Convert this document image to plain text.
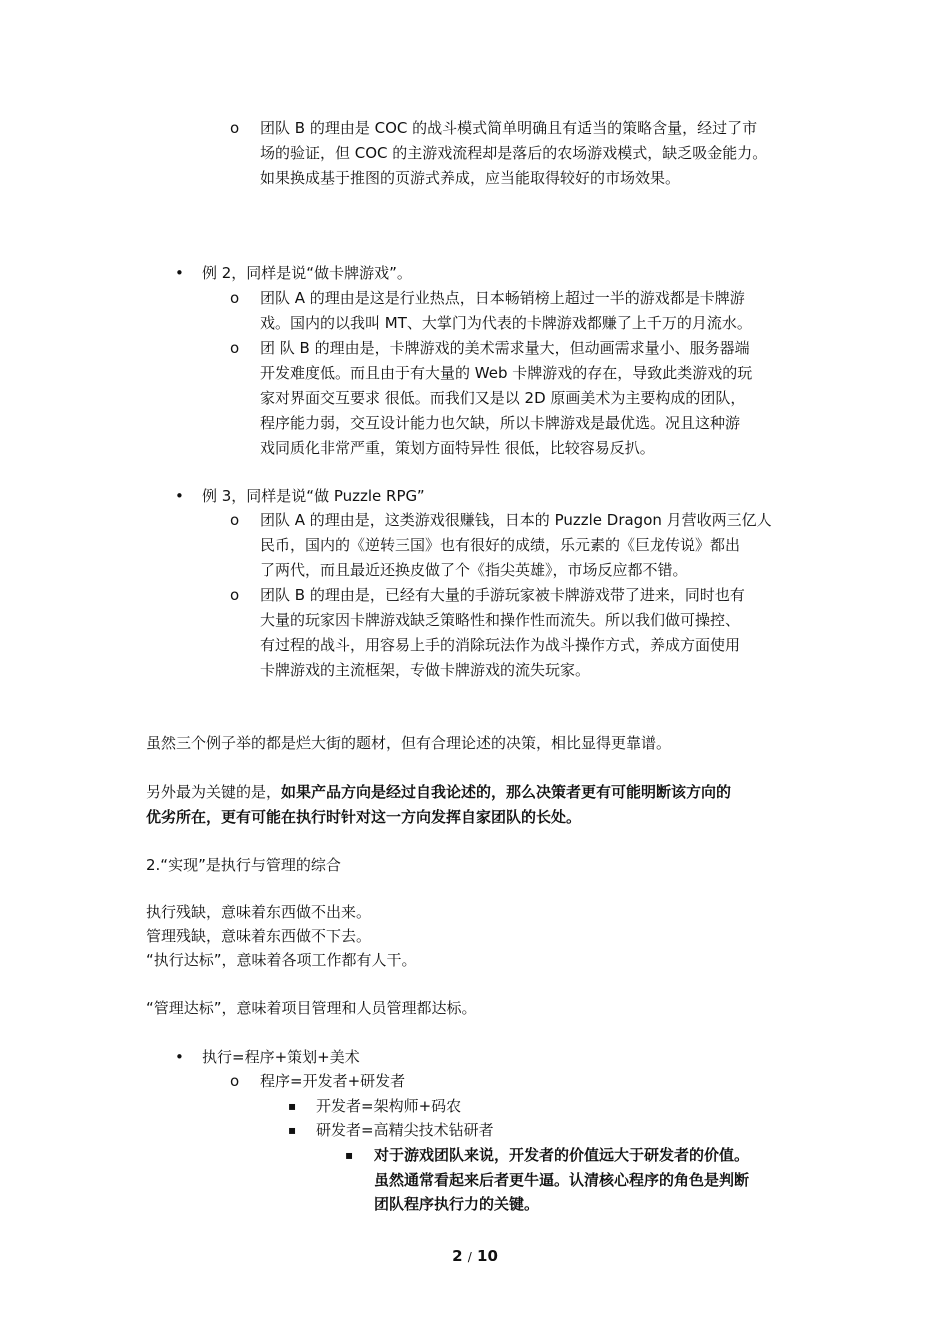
o 团队 B 的理由是 COC 的战斗模式简单明确且有适当的策略含量，经过了市
场的验证，但 COC 的主游戏流程却是落后的农场游戏模式，缺乏吸金能力。
如果换成基于推图的页游式养成，应当能取得较好的市场效果。
• 例 2，同样是说“做卡牌游戏”。
o 团队 A 的理由是这是行业热点，日本畅销榜上超过一半的游戏都是卡牌游
戏。国内的以我叫 MT、大掌门为代表的卡牌游戏都赚了上千万的月流水。
o 团 队 B 的理由是，卡牌游戏的美术需求量大，但动画需求量小、服务器端
开发难度低。而且由于有大量的 Web 卡牌游戏的存在，导致此类游戏的玩
家对界面交互要求 很低。而我们又是以 2D 原画美术为主要构成的团队，
程序能力弱，交互设计能力也欠缺，所以卡牌游戏是最优选。况且这种游
戏同质化非常严重，策划方面特异性 很低，比较容易反扒。
• 例 3，同样是说“做 Puzzle RPG”
o 团队 A 的理由是，这类游戏很赚钱，日本的 Puzzle Dragon 月营收两三亿人
民币，国内的《逆转三国》也有很好的成绩，乐元素的《巨龙传说》都出
了两代，而且最近还换皮做了个《指尖英雄》，市场反应都不错。
o 团队 B 的理由是，已经有大量的手游玩家被卡牌游戏带了进来，同时也有
大量的玩家因卡牌游戏缺乏策略性和操作性而流失。所以我们做可操控、
有过程的战斗，用容易上手的消除玩法作为战斗操作方式，养成方面使用
卡牌游戏的主流框架，专做卡牌游戏的流失玩家。
虽然三个例子举的都是烂大街的题材，但有合理论述的决策，相比显得更靠谱。
另外最为关键的是，如果产品方向是经过自我论述的，那么决策者更有可能明断该方向的
优劣所在，更有可能在执行时针对这一方向发挥自家团队的长处。
2.“实现”是执行与管理的综合
执行残缺，意味着东西做不出来。
管理残缺，意味着东西做不下去。
“执行达标”，意味着各项工作都有人干。
“管理达标”，意味着项目管理和人员管理都达标。
• 执行=程序+策划+美术
o 程序=开发者+研发者
▪ 开发者=架构师+码农
▪ 研发者=高精尖技术钻研者
▪ 对于游戏团队来说，开发者的价值远大于研发者的价值。
虽然通常看起来后者更牛逼。认清核心程序的角色是判断
团队程序执行力的关键。
2 / 10
